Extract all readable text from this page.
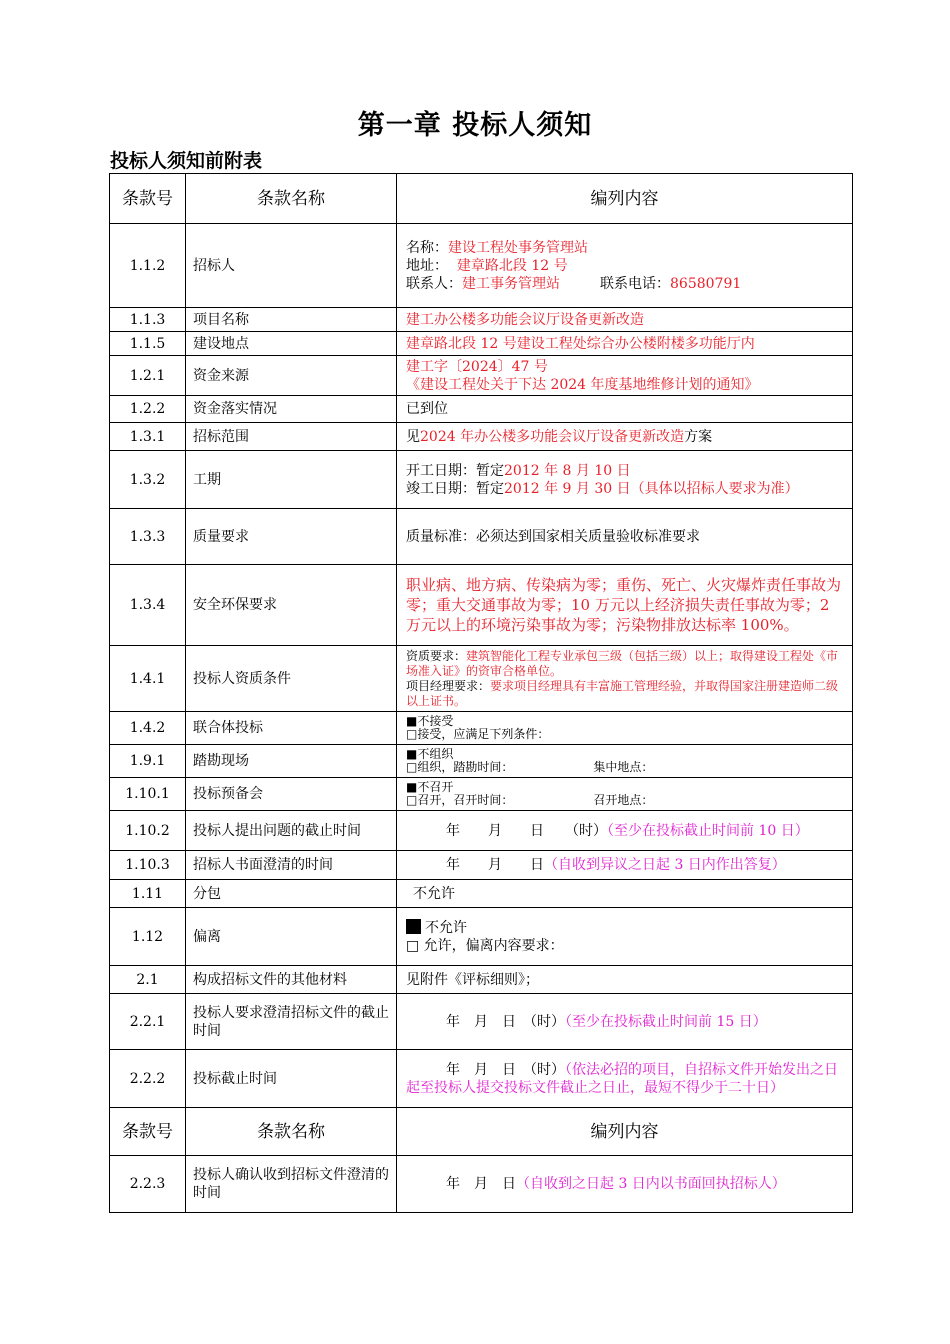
第一章 投标人须知
投标人须知前附表
条款号	条款名称	编列内容
1.1.2	招标人	名称：建设工程处事务管理站
地址： 建章路北段 12 号
联系人：建工事务管理站 联系电话：86580791

1.1.3	项目名称	建工办公楼多功能会议厅设备更新改造
1.1.5	建设地点	建章路北段 12 号建设工程处综合办公楼附楼多功能厅内
1.2.1	资金来源	建工字〔2024〕47 号
《建设工程处关于下达 2024 年度基地维修计划的通知》

1.2.2	资金落实情况	已到位
1.3.1	招标范围	见2024 年办公楼多功能会议厅设备更新改造方案
1.3.2	工期	开工日期：暂定2012 年 8 月 10 日
竣工日期：暂定2012 年 9 月 30 日（具体以招标人要求为准）

1.3.3	质量要求	质量标准：必须达到国家相关质量验收标准要求
1.3.4	安全环保要求	职业病、地方病、传染病为零；重伤、死亡、火灾爆炸责任事故为零；重大交通事故为零；10 万元以上经济损失责任事故为零；2 万元以上的环境污染事故为零；污染物排放达标率 100%。
1.4.1	投标人资质条件	资质要求：建筑智能化工程专业承包三级（包括三级）以上；取得建设工程处《市场准入证》的资审合格单位。
项目经理要求：要求项目经理具有丰富施工管理经验，并取得国家注册建造师二级以上证书。

1.4.2	联合体投标	■不接受
□接受，应满足下列条件：

1.9.1	踏勘现场	■不组织
□组织，踏勘时间： 集中地点：

1.10.1	投标预备会	■不召开
□召开，召开时间： 召开地点：

1.10.2	投标人提出问题的截止时间	年　　月　　日　　（时）（至少在投标截止时间前 10 日）
1.10.3	招标人书面澄清的时间	年　　月　　日（自收到异议之日起 3 日内作出答复）
1.11	分包	不允许
1.12	偏离	不允许
□ 允许，偏离内容要求：

2.1	构成招标文件的其他材料	见附件《评标细则》；
2.2.1	投标人要求澄清招标文件的截止时间	年　月　日　（时）（至少在投标截止时间前 15 日）
2.2.2	投标截止时间	年　月　日　（时）（依法必招的项目，自招标文件开始发出之日起至投标人提交投标文件截止之日止，最短不得少于二十日）
条款号	条款名称	编列内容
2.2.3	投标人确认收到招标文件澄清的时间	年　月　日（自收到之日起 3 日内以书面回执招标人）
